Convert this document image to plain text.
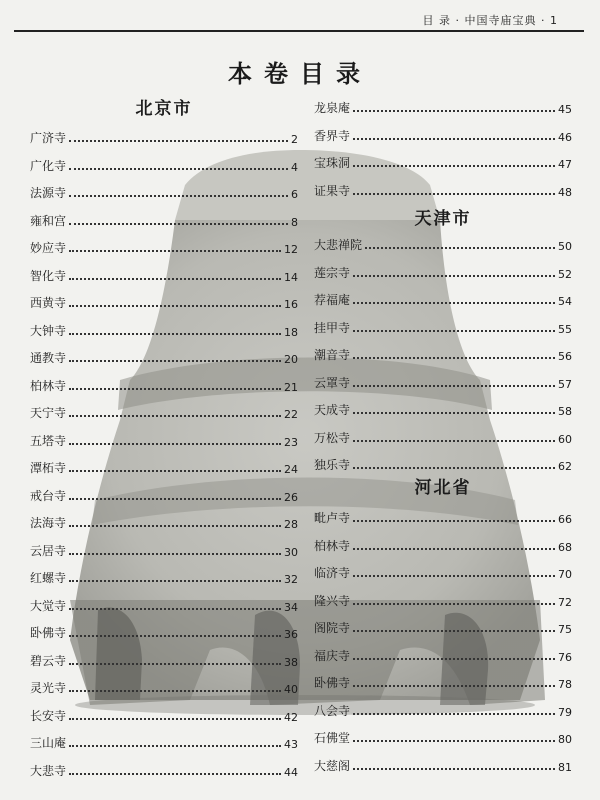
目 录 · 中国寺庙宝典 · 1
本卷目录
北京市
广济寺	2
广化寺	4
法源寺	6
雍和宫	8
妙应寺	12
智化寺	14
西黄寺	16
大钟寺	18
通教寺	20
柏林寺	21
天宁寺	22
五塔寺	23
潭柘寺	24
戒台寺	26
法海寺	28
云居寺	30
红螺寺	32
大觉寺	34
卧佛寺	36
碧云寺	38
灵光寺	40
长安寺	42
三山庵	43
大悲寺	44
天津市
河北省
龙泉庵	45
香界寺	46
宝珠洞	47
证果寺	48
大悲禅院	50
莲宗寺	52
荐福庵	54
挂甲寺	55
潮音寺	56
云罩寺	57
天成寺	58
万松寺	60
独乐寺	62
毗卢寺	66
柏林寺	68
临济寺	70
隆兴寺	72
阁院寺	75
福庆寺	76
卧佛寺	78
八会寺	79
石佛堂	80
大慈阁	81
